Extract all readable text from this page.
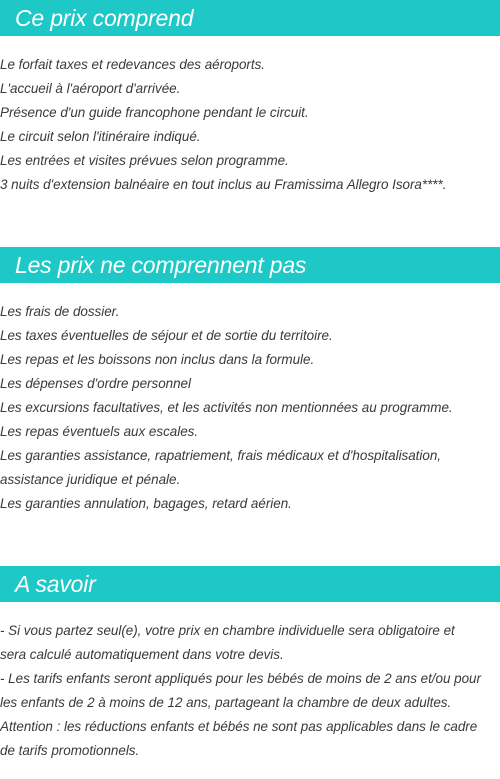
Ce prix comprend
Le forfait taxes et redevances des aéroports.
L'accueil à l'aéroport d'arrivée.
Présence d'un guide francophone pendant le circuit.
Le circuit selon l'itinéraire indiqué.
Les entrées et visites prévues selon programme.
3 nuits d'extension balnéaire en tout inclus au Framissima Allegro Isora****.
Les prix ne comprennent pas
Les frais de dossier.
Les taxes éventuelles de séjour et de sortie du territoire.
Les repas et les boissons non inclus dans la formule.
Les dépenses d'ordre personnel
Les excursions facultatives, et les activités non mentionnées au programme.
Les repas éventuels aux escales.
Les garanties assistance, rapatriement, frais médicaux et d'hospitalisation,
assistance juridique et pénale.
Les garanties annulation, bagages, retard aérien.
A savoir
- Si vous partez seul(e), votre prix en chambre individuelle sera obligatoire et
sera calculé automatiquement dans votre devis.
- Les tarifs enfants seront appliqués pour les bébés de moins de 2 ans et/ou pour
les enfants de 2 à moins de 12 ans, partageant la chambre de deux adultes.
Attention : les réductions enfants et bébés ne sont pas applicables dans le cadre
de tarifs promotionnels.
